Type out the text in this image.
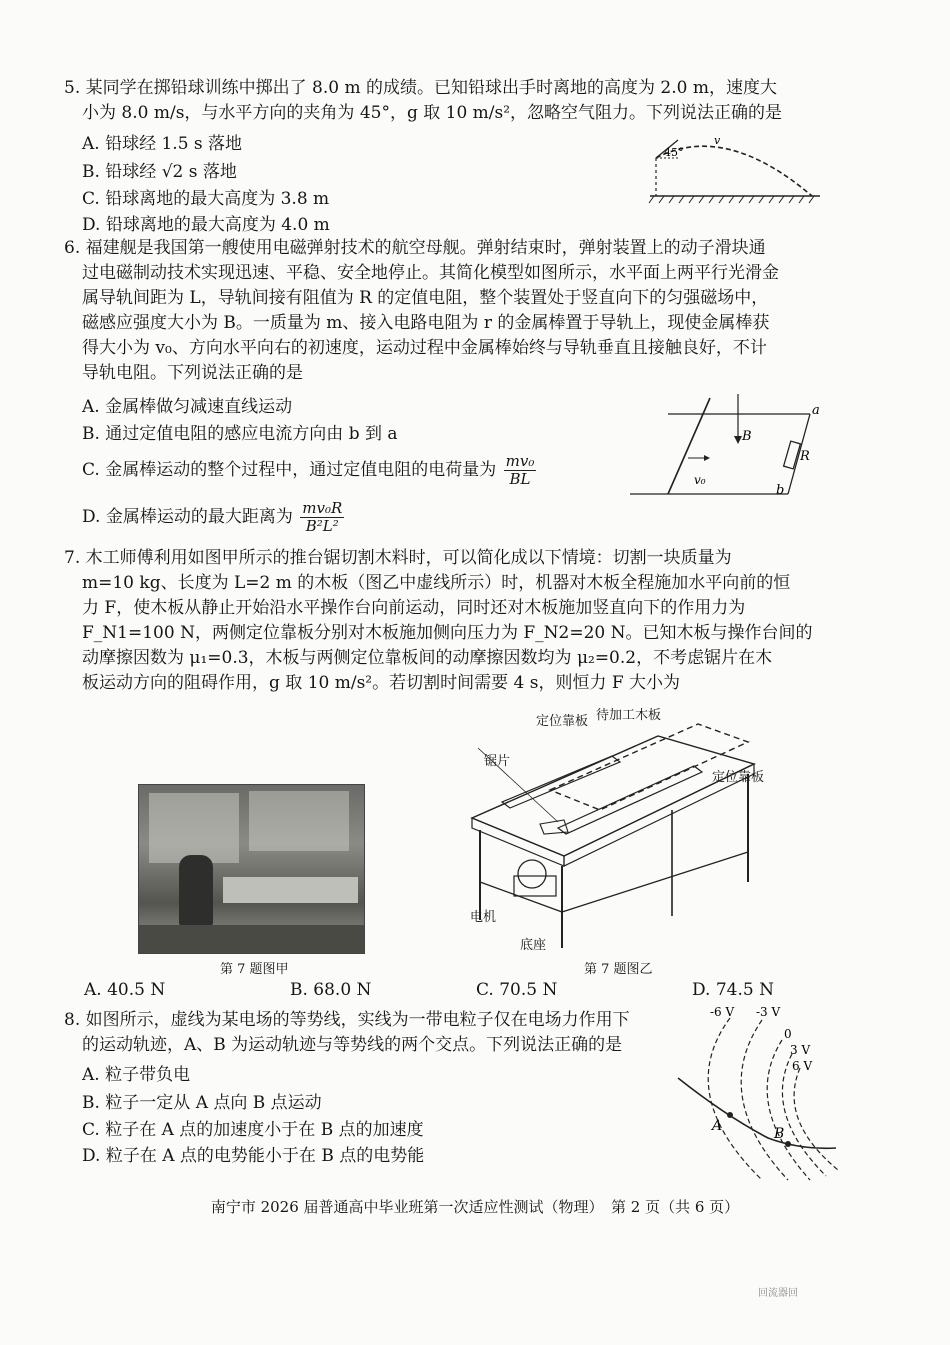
5. 某同学在掷铅球训练中掷出了 8.0 m 的成绩。已知铅球出手时离地的高度为 2.0 m，速度大
小为 8.0 m/s，与水平方向的夹角为 45°，g 取 10 m/s²，忽略空气阻力。下列说法正确的是
A. 铅球经 1.5 s 落地
B. 铅球经 √2 s 落地
C. 铅球离地的最大高度为 3.8 m
D. 铅球离地的最大高度为 4.0 m
45°
v
6. 福建舰是我国第一艘使用电磁弹射技术的航空母舰。弹射结束时，弹射装置上的动子滑块通
过电磁制动技术实现迅速、平稳、安全地停止。其简化模型如图所示，水平面上两平行光滑金
属导轨间距为 L，导轨间接有阻值为 R 的定值电阻，整个装置处于竖直向下的匀强磁场中，
磁感应强度大小为 B。一质量为 m、接入电路电阻为 r 的金属棒置于导轨上，现使金属棒获
得大小为 v₀、方向水平向右的初速度，运动过程中金属棒始终与导轨垂直且接触良好，不计
导轨电阻。下列说法正确的是
A. 金属棒做匀减速直线运动
B. 通过定值电阻的感应电流方向由 b 到 a
C. 金属棒运动的整个过程中，通过定值电阻的电荷量为 $\frac{\text{mv₀}}{BL}$
D. 金属棒运动的最大距离为 $\frac{\text{mv₀R}}{\text{B²L²}}$
B
R
a
b
v₀
7. 木工师傅利用如图甲所示的推台锯切割木料时，可以简化成以下情境：切割一块质量为
m=10 kg、长度为 L=2 m 的木板（图乙中虚线所示）时，机器对木板全程施加水平向前的恒
力 F，使木板从静止开始沿水平操作台向前运动，同时还对木板施加竖直向下的作用力为
F_N1=100 N，两侧定位靠板分别对木板施加侧向压力为 F_N2=20 N。已知木板与操作台间的
动摩擦因数为 μ₁=0.3，木板与两侧定位靠板间的动摩擦因数均为 μ₂=0.2，不考虑锯片在木
板运动方向的阻碍作用，g 取 10 m/s²。若切割时间需要 4 s，则恒力 F 大小为
第 7 题图甲
定位靠板 待加工木板
锯片
定位靠板
电机
底座
第 7 题图乙
A. 40.5 N	B. 68.0 N	C. 70.5 N	D. 74.5 N
8. 如图所示，虚线为某电场的等势线，实线为一带电粒子仅在电场力作用下
的运动轨迹，A、B 为运动轨迹与等势线的两个交点。下列说法正确的是
A. 粒子带负电
B. 粒子一定从 A 点向 B 点运动
C. 粒子在 A 点的加速度小于在 B 点的加速度
D. 粒子在 A 点的电势能小于在 B 点的电势能
-6 V -3 V
0
3 V
6 V
A	B
南宁市 2026 届普通高中毕业班第一次适应性测试（物理）　第 2 页（共 6 页）
回流器回
